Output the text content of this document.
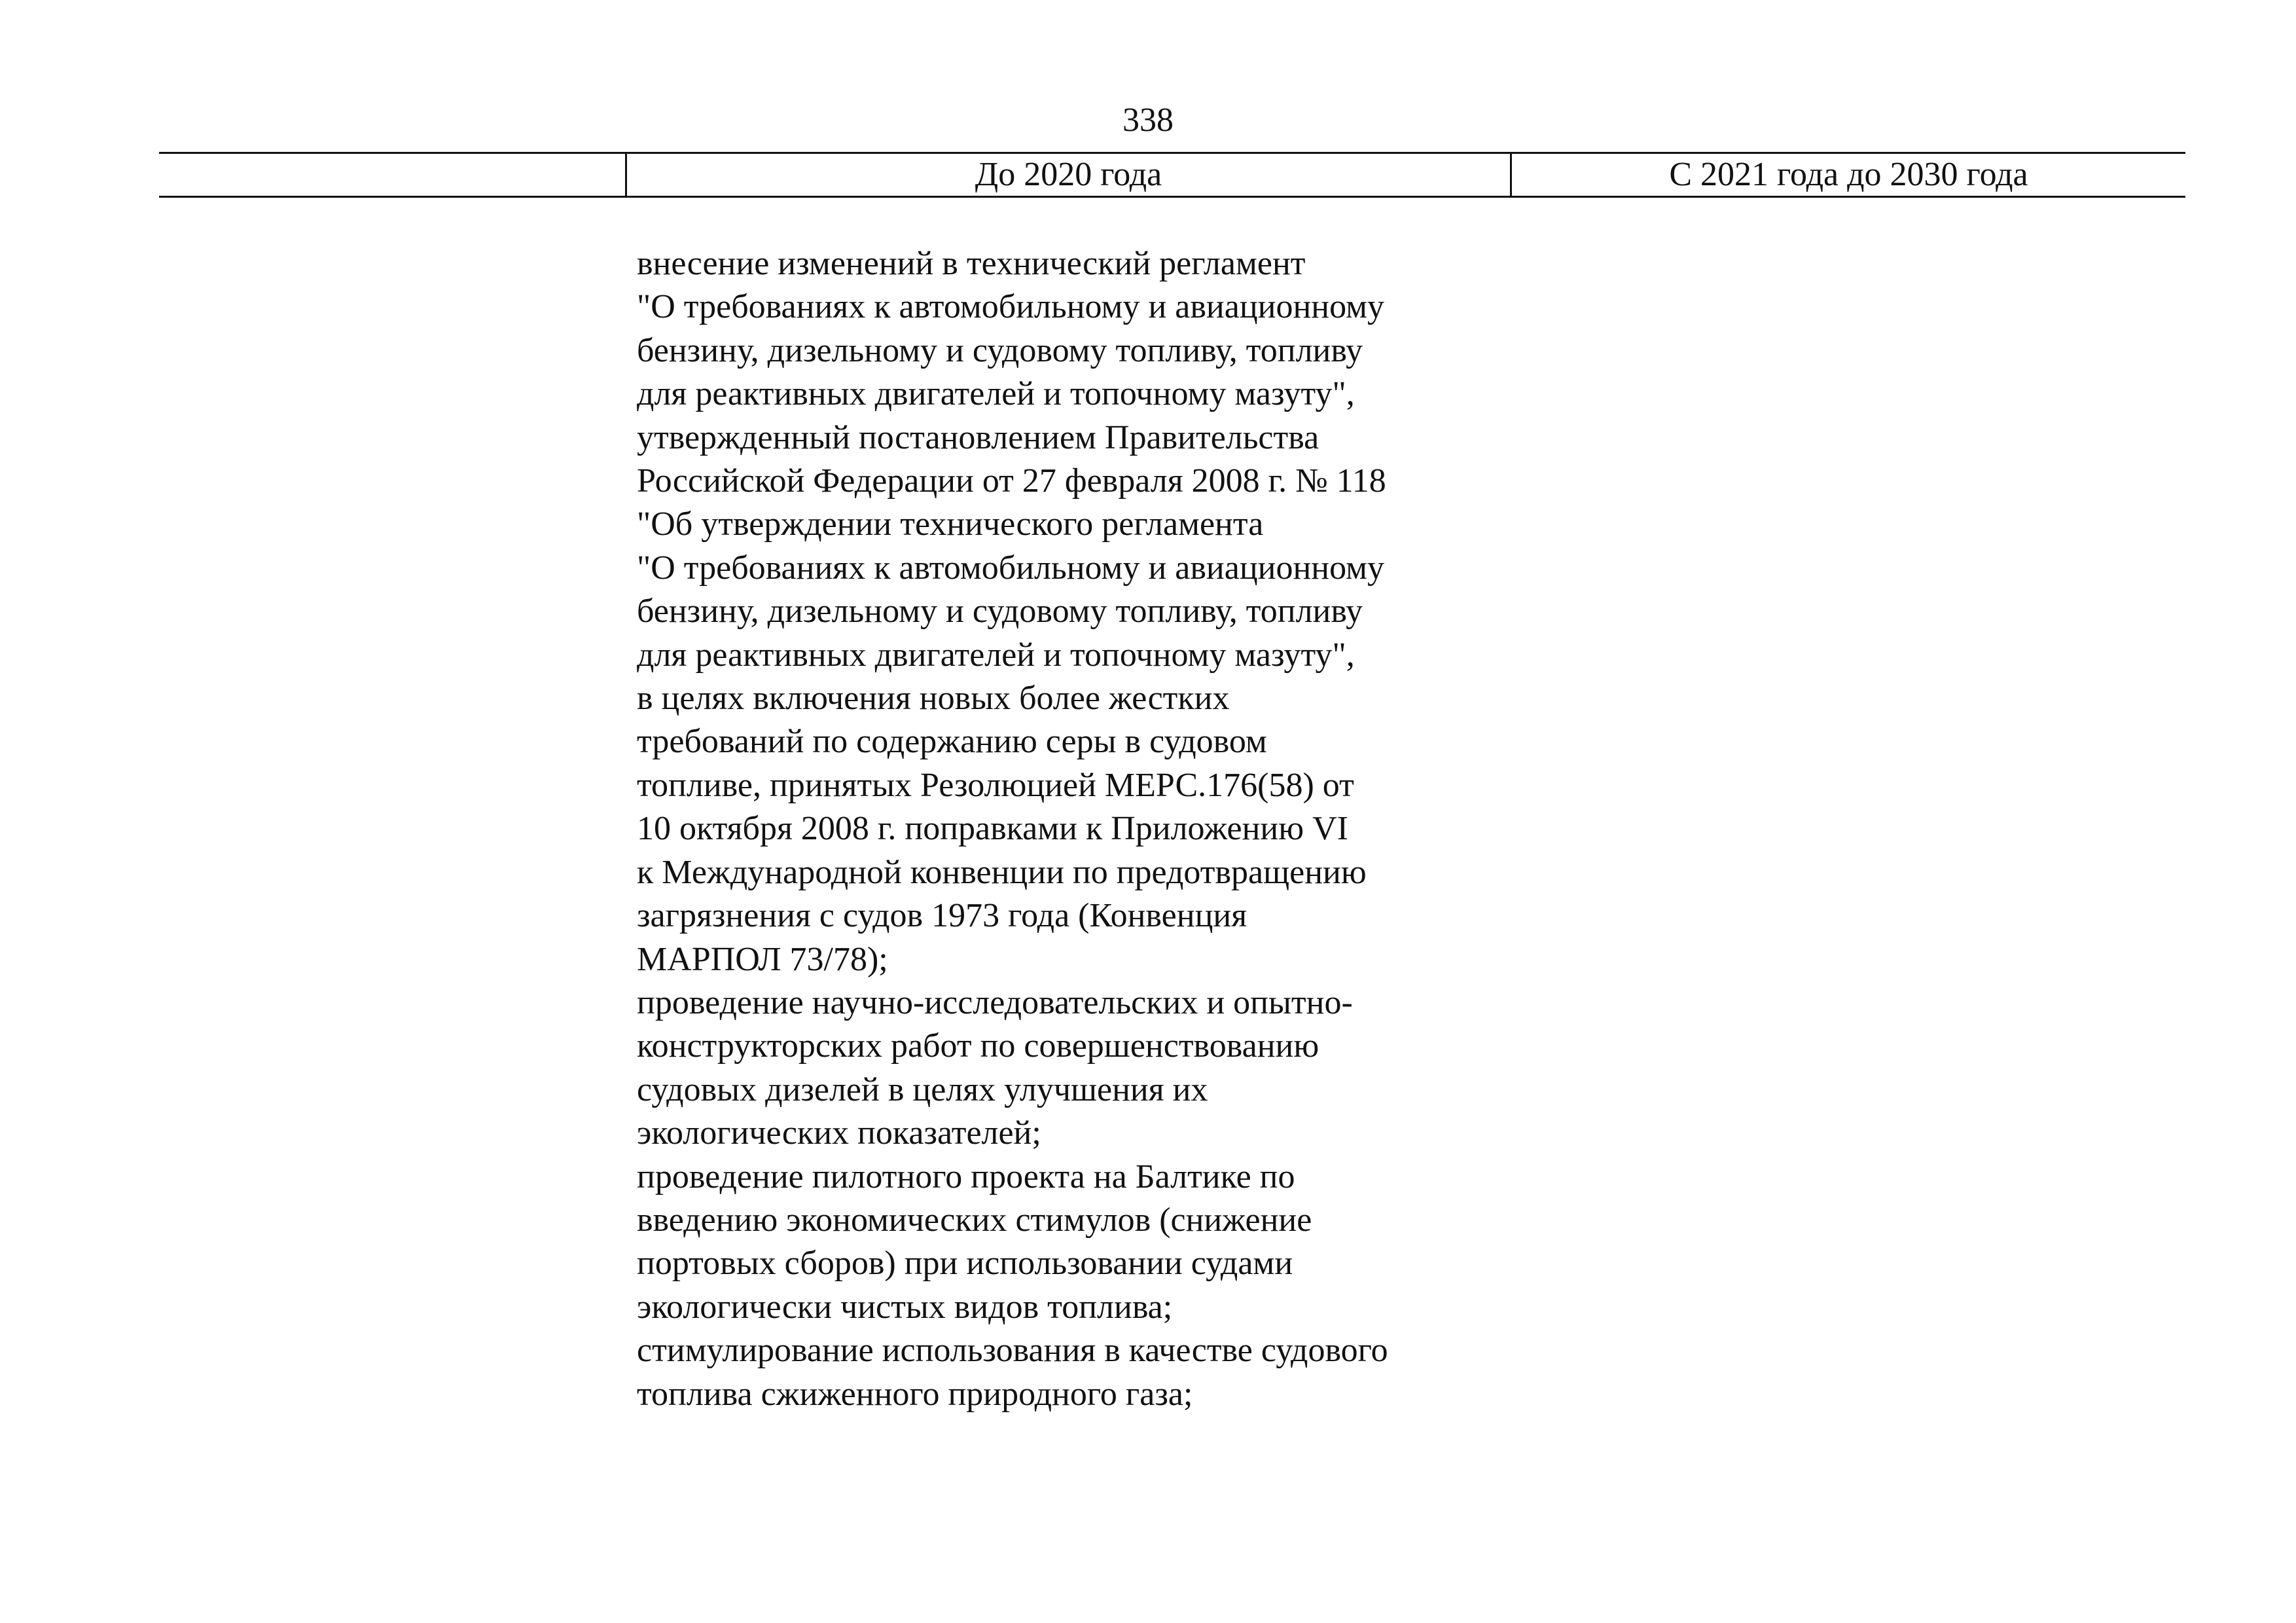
338
До 2020 года	С 2021 года до 2030 года
внесение изменений в технический регламент
"О требованиях к автомобильному и авиационному
бензину, дизельному и судовому топливу, топливу
для реактивных двигателей и топочному мазуту",
утвержденный постановлением Правительства
Российской Федерации от 27 февраля 2008 г. № 118
"Об утверждении технического регламента
"О требованиях к автомобильному и авиационному
бензину, дизельному и судовому топливу, топливу
для реактивных двигателей и топочному мазуту",
в целях включения новых более жестких
требований по содержанию серы в судовом
топливе, принятых Резолюцией МЕРС.176(58) от
10 октября 2008 г. поправками к Приложению VI
к Международной конвенции по предотвращению
загрязнения с судов 1973 года (Конвенция
МАРПОЛ 73/78);
проведение научно-исследовательских и опытно-
конструкторских работ по совершенствованию
судовых дизелей в целях улучшения их
экологических показателей;
проведение пилотного проекта на Балтике по
введению экономических стимулов (снижение
портовых сборов) при использовании судами
экологически чистых видов топлива;
стимулирование использования в качестве судового
топлива сжиженного природного газа;
